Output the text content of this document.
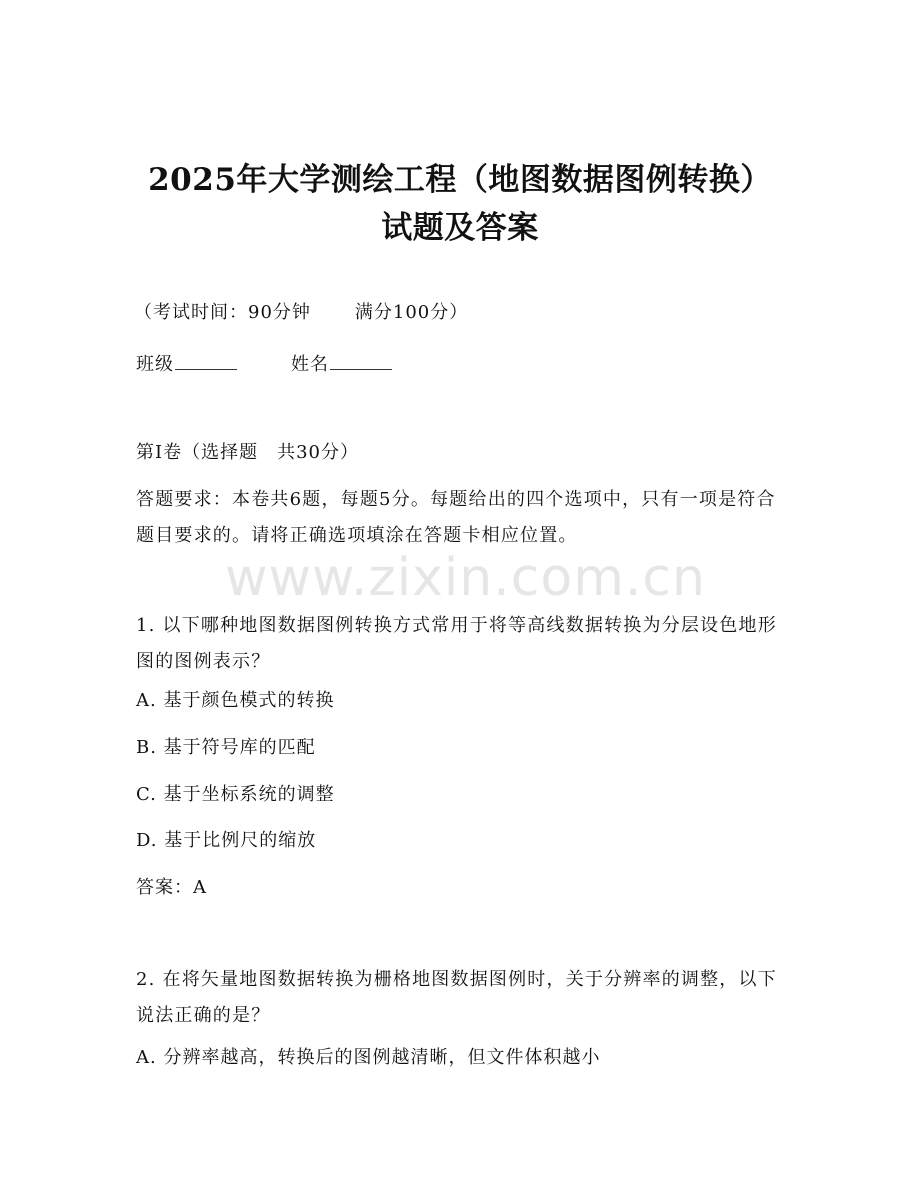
2025年大学测绘工程（地图数据图例转换）
试题及答案
（考试时间：90分钟 满分100分）
班级	姓名
第I卷（选择题　共30分）
答题要求：本卷共6题，每题5分。每题给出的四个选项中，只有一项是符合题目要求的。请将正确选项填涂在答题卡相应位置。
www.zixin.com.cn
1. 以下哪种地图数据图例转换方式常用于将等高线数据转换为分层设色地形图的图例表示？
A. 基于颜色模式的转换
B. 基于符号库的匹配
C. 基于坐标系统的调整
D. 基于比例尺的缩放
答案：A
2. 在将矢量地图数据转换为栅格地图数据图例时，关于分辨率的调整，以下说法正确的是？
A. 分辨率越高，转换后的图例越清晰，但文件体积越小
